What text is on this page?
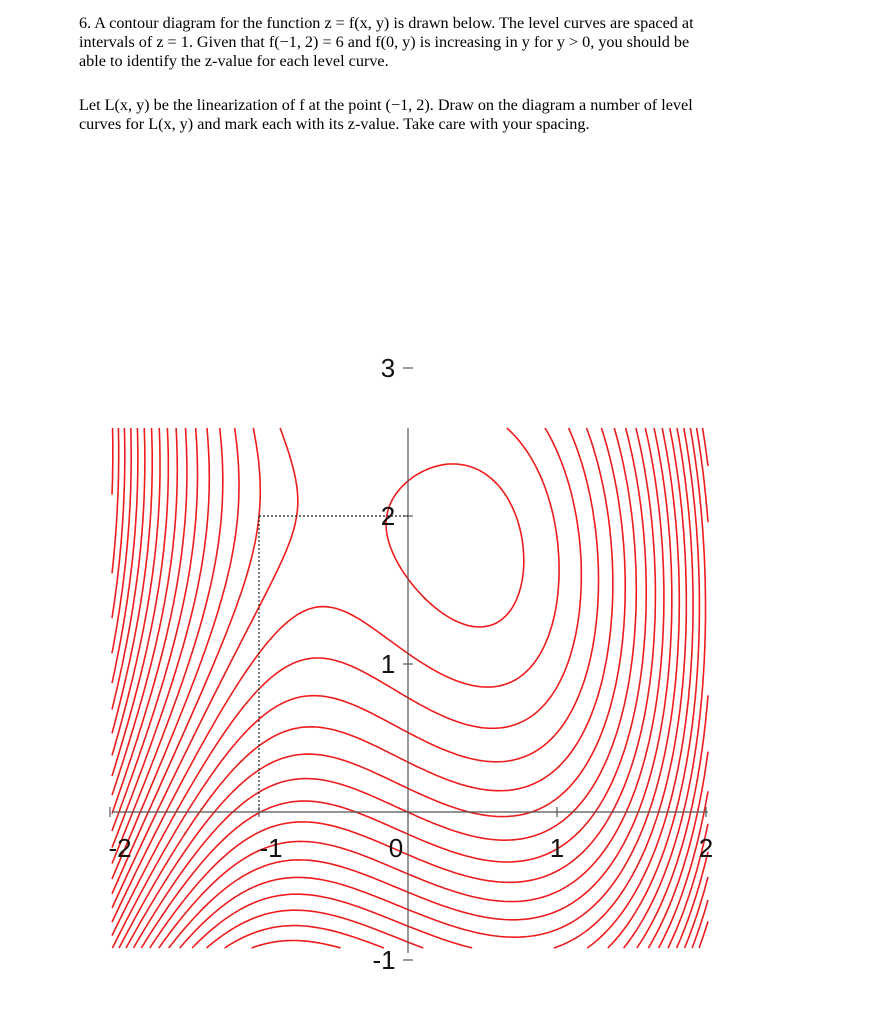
6. A contour diagram for the function z = f(x, y) is drawn below. The level curves are spaced at
intervals of z = 1. Given that f(−1, 2) = 6 and f(0, y) is increasing in y for y > 0, you should be
able to identify the z-value for each level curve.
Let L(x, y) be the linearization of f at the point (−1, 2). Draw on the diagram a number of level
curves for L(x, y) and mark each with its z-value. Take care with your spacing.
-2	-1	0	1	2
-1
1
2
3
